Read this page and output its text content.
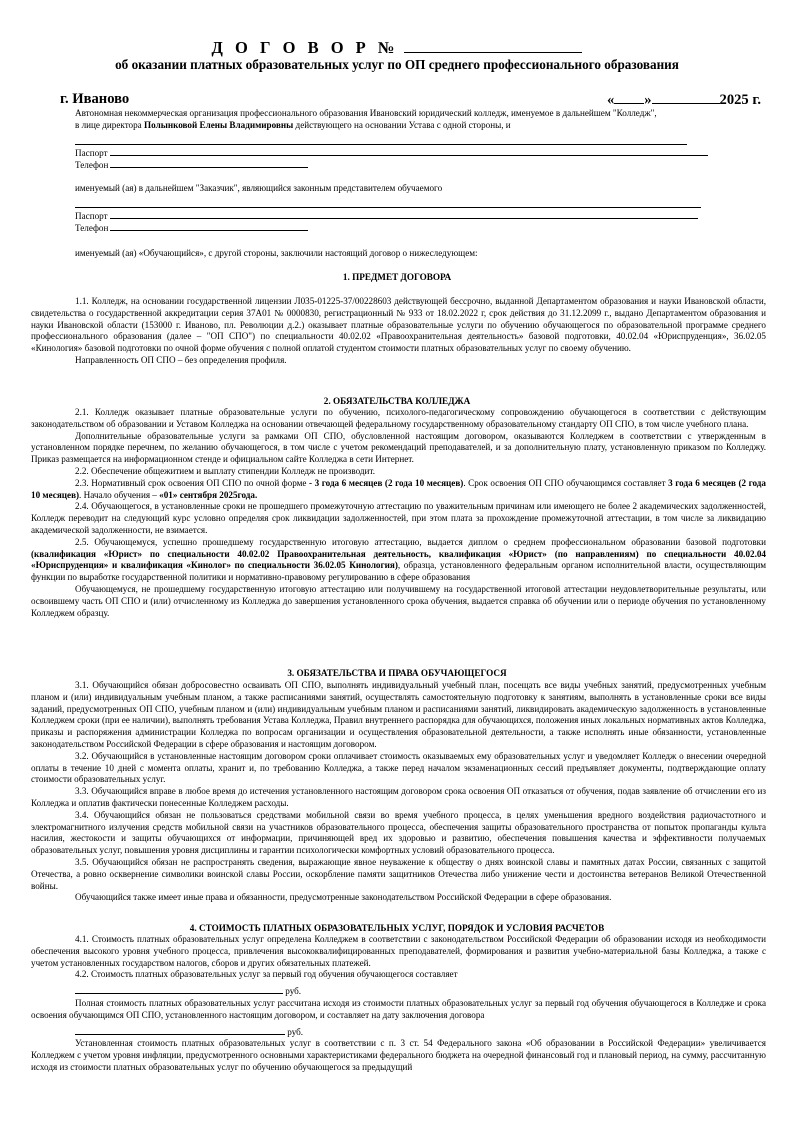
Д О Г О В О Р №
об оказании платных образовательных услуг по ОП среднего профессионального образования
г. Иваново	« »	2025 г.

Автономная некоммерческая организация профессионального образования Ивановский юридический колледж, именуемое в дальнейшем "Колледж",

в лице директора Полынковой Елены Владимировны действующего на основании Устава с одной стороны, и

Паспорт
Телефон
именуемый (ая) в дальнейшем "Заказчик", являющийся законным представителем обучаемого
Паспорт
Телефон
именуемый (ая) «Обучающийся», с другой стороны, заключили настоящий договор о нижеследующем:
1. ПРЕДМЕТ ДОГОВОРА

1.1. Колледж, на основании государственной лицензии Л035-01225-37/00228603 действующей бессрочно, выданной Департаментом образования и науки Ивановской области, свидетельства о государственной аккредитации серия 37А01 № 0000830, регистрационный № 933 от 18.02.2022 г, срок действия до 31.12.2099 г., выдано Департаментом образования и науки Ивановской области (153000 г. Иваново, пл. Революции д.2.) оказывает платные образовательные услуги по обучению обучающегося по образовательной программе среднего профессионального образования (далее – "ОП СПО") по специальности 40.02.02 «Правоохранительная деятельность» базовой подготовки, 40.02.04 «Юриспруденция», 36.02.05 «Кинология» базовой подготовки по очной форме обучения с полной оплатой студентом стоимости платных образовательных услуг по своему обучению.

Направленность ОП СПО – без определения профиля.

2. ОБЯЗАТЕЛЬСТВА КОЛЛЕДЖА

2.1. Колледж оказывает платные образовательные услуги по обучению, психолого-педагогическому сопровождению обучающегося в соответствии с действующим законодательством об образовании и Уставом Колледжа на основании отвечающей федеральному государственному образовательному стандарту ОП СПО, в том числе учебного плана.

Дополнительные образовательные услуги за рамками ОП СПО, обусловленной настоящим договором, оказываются Колледжем в соответствии с утвержденным в установленном порядке перечнем, по желанию обучающегося, в том числе с учетом рекомендаций преподавателей, и за дополнительную плату, установленную приказом по Колледжу. Приказ размещается на информационном стенде и официальном сайте Колледжа в сети Интернет.

2.2. Обеспечение общежитием и выплату стипендии Колледж не производит.

2.3. Нормативный срок освоения ОП СПО по очной форме - 3 года 6 месяцев (2 года 10 месяцев). Срок освоения ОП СПО обучающимся составляет 3 года 6 месяцев (2 года 10 месяцев). Начало обучения – «01» сентября 2025года.

2.4. Обучающегося, в установленные сроки не прошедшего промежуточную аттестацию по уважительным причинам или имеющего не более 2 академических задолженностей, Колледж переводит на следующий курс условно определяя срок ликвидации задолженностей, при этом плата за прохождение промежуточной аттестации, в том числе за ликвидацию академической задолженности, не взимается.

2.5. Обучающемуся, успешно прошедшему государственную итоговую аттестацию, выдается диплом о среднем профессиональном образовании базовой подготовки (квалификация «Юрист» по специальности 40.02.02 Правоохранительная деятельность, квалификация «Юрист» (по направлениям) по специальности 40.02.04 «Юриспруденция» и квалификация «Кинолог» по специальности 36.02.05 Кинология), образца, установленного федеральным органом исполнительной власти, осуществляющим функции по выработке государственной политики и нормативно-правовому регулированию в сфере образования

Обучающемуся, не прошедшему государственную итоговую аттестацию или получившему на государственной итоговой аттестации неудовлетворительные результаты, или освоившему часть ОП СПО и (или) отчисленному из Колледжа до завершения установленного срока обучения, выдается справка об обучении или о периоде обучения по установленному Колледжем образцу.

3. ОБЯЗАТЕЛЬСТВА И ПРАВА ОБУЧАЮЩЕГОСЯ

3.1. Обучающийся обязан добросовестно осваивать ОП СПО, выполнять индивидуальный учебный план, посещать все виды учебных занятий, предусмотренных учебным планом и (или) индивидуальным учебным планом, а также расписаниями занятий, осуществлять самостоятельную подготовку к занятиям, выполнять в установленные сроки все виды заданий, предусмотренных ОП СПО, учебным планом и (или) индивидуальным учебным планом и расписаниями занятий, ликвидировать академическую задолженность в установленные Колледжем сроки (при ее наличии), выполнять требования Устава Колледжа, Правил внутреннего распорядка для обучающихся, положения иных локальных нормативных актов Колледжа, приказы и распоряжения администрации Колледжа по вопросам организации и осуществления образовательной деятельности, а также исполнять иные обязанности, установленные законодательством Российской Федерации в сфере образования и настоящим договором.

3.2. Обучающийся в установленные настоящим договором сроки оплачивает стоимость оказываемых ему образовательных услуг и уведомляет Колледж о внесении очередной оплаты в течение 10 дней с момента оплаты, хранит и, по требованию Колледжа, а также перед началом экзаменационных сессий предъявляет документы, подтверждающие оплату стоимости образовательных услуг.

3.3. Обучающийся вправе в любое время до истечения установленного настоящим договором срока освоения ОП отказаться от обучения, подав заявление об отчислении его из Колледжа и оплатив фактически понесенные Колледжем расходы.

3.4. Обучающийся обязан не пользоваться средствами мобильной связи во время учебного процесса, в целях уменьшения вредного воздействия радиочастотного и электромагнитного излучения средств мобильной связи на участников образовательного процесса, обеспечения защиты образовательного пространства от попыток пропаганды культа насилия, жестокости и защиты обучающихся от информации, причиняющей вред их здоровью и развитию, обеспечения повышения качества и эффективности получаемых образовательных услуг, повышения уровня дисциплины и гарантии психологически комфортных условий образовательного процесса.

3.5. Обучающийся обязан не распространять сведения, выражающие явное неуважение к обществу о днях воинской славы и памятных датах России, связанных с защитой Отечества, а ровно осквернение символики воинской славы России, оскорбление памяти защитников Отечества либо унижение чести и достоинства ветеранов Великой Отечественной войны.

Обучающийся также имеет иные права и обязанности, предусмотренные законодательством Российской Федерации в сфере образования.

4. СТОИМОСТЬ ПЛАТНЫХ ОБРАЗОВАТЕЛЬНЫХ УСЛУГ, ПОРЯДОК И УСЛОВИЯ РАСЧЕТОВ

4.1. Стоимость платных образовательных услуг определена Колледжем в соответствии с законодательством Российской Федерации об образовании исходя из необходимости обеспечения высокого уровня учебного процесса, привлечения высококвалифицированных преподавателей, формирования и развития учебно-материальной базы Колледжа, а также с учетом установленных государством налогов, сборов и других обязательных платежей.

4.2. Стоимость платных образовательных услуг за первый год обучения обучающегося составляет

руб.

Полная стоимость платных образовательных услуг рассчитана исходя из стоимости платных образовательных услуг за первый год обучения обучающегося в Колледже и срока освоения обучающимся ОП СПО, установленного настоящим договором, и составляет на дату заключения договора

руб.

Установленная стоимость платных образовательных услуг в соответствии с п. 3 ст. 54 Федерального закона «Об образовании в Российской Федерации» увеличивается Колледжем с учетом уровня инфляции, предусмотренного основными характеристиками федерального бюджета на очередной финансовый год и плановый период, на сумму, рассчитанную исходя из стоимости платных образовательных услуг по обучению обучающегося за предыдущий
